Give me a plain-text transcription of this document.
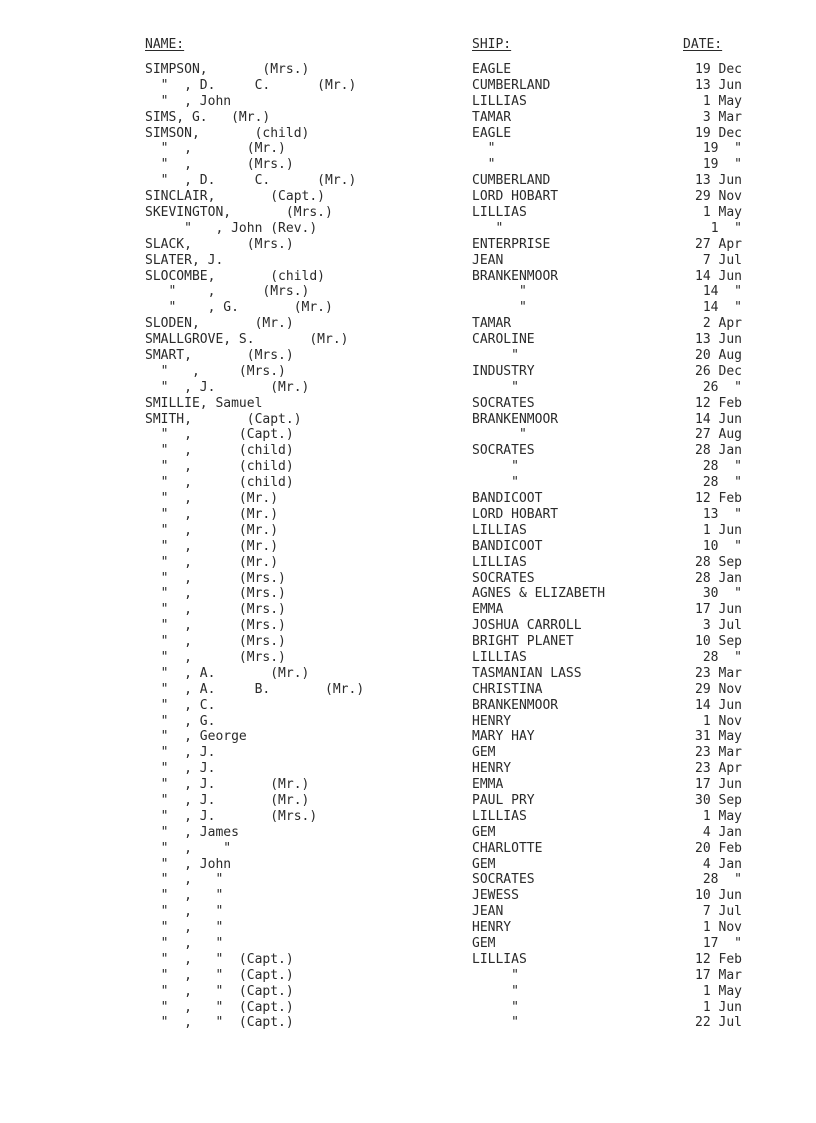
NAME:	SHIP:	DATE:
SIMPSON,       (Mrs.)	EAGLE	19 Dec
"  , D.     C.      (Mr.)	CUMBERLAND	13 Jun
"  , John	LILLIAS	1 May
SIMS, G.   (Mr.)	TAMAR	3 Mar
SIMSON,       (child)	EAGLE	19 Dec
"  ,       (Mr.)	"	19  "
"  ,       (Mrs.)	"	19  "
"  , D.     C.      (Mr.)	CUMBERLAND	13 Jun
SINCLAIR,       (Capt.)	LORD HOBART	29 Nov
SKEVINGTON,       (Mrs.)	LILLIAS	1 May
"   , John (Rev.)	"	1  "
SLACK,       (Mrs.)	ENTERPRISE	27 Apr
SLATER, J.	JEAN	7 Jul
SLOCOMBE,       (child)	BRANKENMOOR	14 Jun
"    ,      (Mrs.)	"	14  "
"    , G.       (Mr.)	"	14  "
SLODEN,       (Mr.)	TAMAR	2 Apr
SMALLGROVE, S.       (Mr.)	CAROLINE	13 Jun
SMART,       (Mrs.)	"	20 Aug
"   ,     (Mrs.)	INDUSTRY	26 Dec
"  , J.       (Mr.)	"	26  "
SMILLIE, Samuel	SOCRATES	12 Feb
SMITH,       (Capt.)	BRANKENMOOR	14 Jun
"  ,      (Capt.)	"	27 Aug
"  ,      (child)	SOCRATES	28 Jan
"  ,      (child)	"	28  "
"  ,      (child)	"	28  "
"  ,      (Mr.)	BANDICOOT	12 Feb
"  ,      (Mr.)	LORD HOBART	13  "
"  ,      (Mr.)	LILLIAS	1 Jun
"  ,      (Mr.)	BANDICOOT	10  "
"  ,      (Mr.)	LILLIAS	28 Sep
"  ,      (Mrs.)	SOCRATES	28 Jan
"  ,      (Mrs.)	AGNES & ELIZABETH	30  "
"  ,      (Mrs.)	EMMA	17 Jun
"  ,      (Mrs.)	JOSHUA CARROLL	3 Jul
"  ,      (Mrs.)	BRIGHT PLANET	10 Sep
"  ,      (Mrs.)	LILLIAS	28  "
"  , A.       (Mr.)	TASMANIAN LASS	23 Mar
"  , A.     B.       (Mr.)	CHRISTINA	29 Nov
"  , C.	BRANKENMOOR	14 Jun
"  , G.	HENRY	1 Nov
"  , George	MARY HAY	31 May
"  , J.	GEM	23 Mar
"  , J.	HENRY	23 Apr
"  , J.       (Mr.)	EMMA	17 Jun
"  , J.       (Mr.)	PAUL PRY	30 Sep
"  , J.       (Mrs.)	LILLIAS	1 May
"  , James	GEM	4 Jan
"  ,    "	CHARLOTTE	20 Feb
"  , John	GEM	4 Jan
"  ,   "	SOCRATES	28  "
"  ,   "	JEWESS	10 Jun
"  ,   "	JEAN	7 Jul
"  ,   "	HENRY	1 Nov
"  ,   "	GEM	17  "
"  ,   "  (Capt.)	LILLIAS	12 Feb
"  ,   "  (Capt.)	"	17 Mar
"  ,   "  (Capt.)	"	1 May
"  ,   "  (Capt.)	"	1 Jun
"  ,   "  (Capt.)	"	22 Jul
